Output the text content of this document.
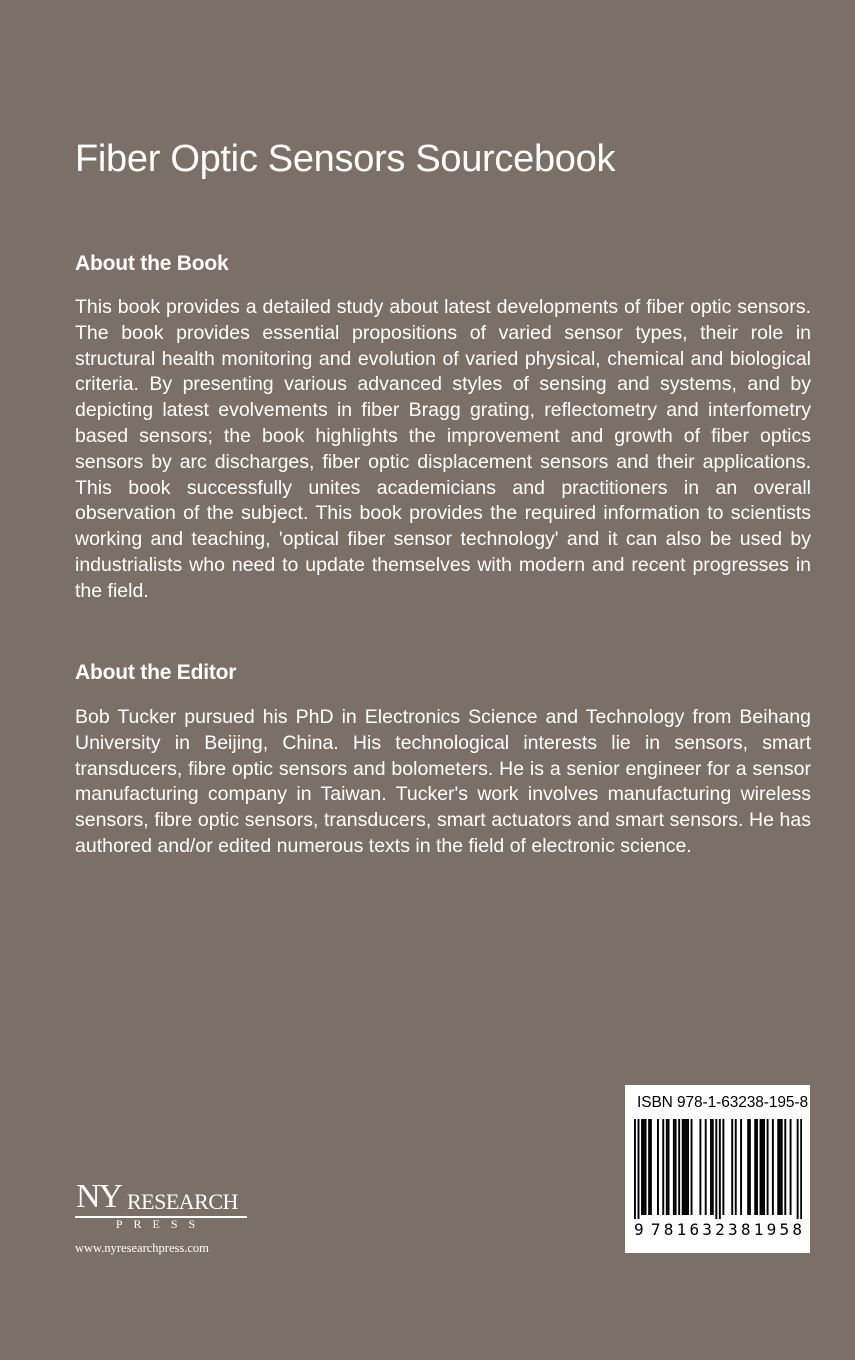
Fiber Optic Sensors Sourcebook
About the Book

This book provides a detailed study about latest developments of fiber optic sensors. The book provides essential propositions of varied sensor types, their role in structural health monitoring and evolution of varied physical, chemical and biological criteria. By presenting various advanced styles of sensing and systems, and by depicting latest evolvements in fiber Bragg grating, reflectometry and interfometry based sensors; the book highlights the improvement and growth of fiber optics sensors by arc discharges, fiber optic displacement sensors and their applications. This book successfully unites academicians and practitioners in an overall observation of the subject. This book provides the required information to scientists working and teaching, 'optical fiber sensor technology' and it can also be used by industrialists who need to update themselves with modern and recent progresses in the field.

About the Editor

Bob Tucker pursued his PhD in Electronics Science and Technology from Beihang University in Beijing, China. His technological interests lie in sensors, smart transducers, fibre optic sensors and bolometers. He is a senior engineer for a sensor manufacturing company in Taiwan. Tucker's work involves manufacturing wireless sensors, fibre optic sensors, transducers, smart actuators and smart sensors. He has authored and/or edited numerous texts in the field of electronic science.

ISBN 978-1-63238-195-8
9 7 8 1 6 3 2 3 8 1 9 5 8
NY RESEARCH
PRESS
www.nyresearchpress.com
